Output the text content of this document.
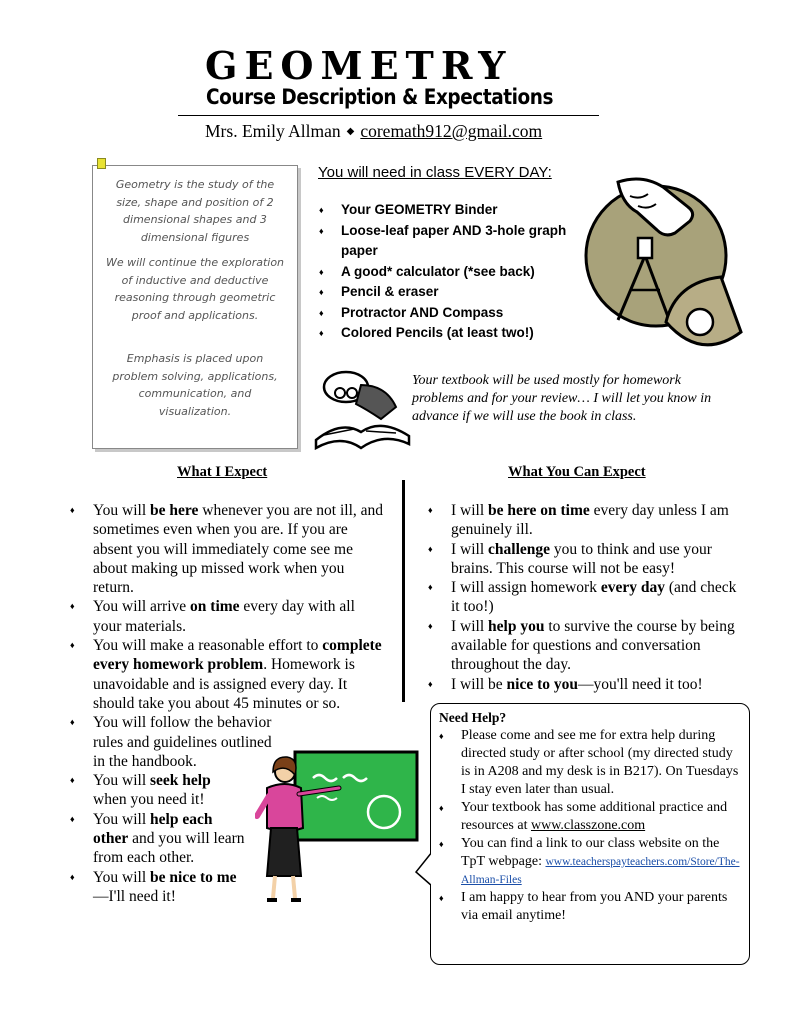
GEOMETRY
Course Description & Expectations
Mrs. Emily Allman ◆ coremath912@gmail.com
Geometry is the study of the size, shape and position of 2 dimensional shapes and 3 dimensional figures
We will continue the exploration of inductive and deductive reasoning through geometric proof and applications.
Emphasis is placed upon problem solving, applications, communication, and visualization.
You will need in class EVERY DAY:
♦ Your GEOMETRY Binder
♦ Loose-leaf paper AND 3-hole graph paper
♦ A good* calculator (*see back)
♦ Pencil & eraser
♦ Protractor AND Compass
♦ Colored Pencils (at least two!)
Your textbook will be used mostly for homework problems and for your review… I will let you know in advance if we will use the book in class.
What I Expect	What You Can Expect
♦ You will be here whenever you are not ill, and sometimes even when you are. If you are absent you will immediately come see me about making up missed work when you return.
♦ You will arrive on time every day with all your materials.
♦ You will make a reasonable effort to complete every homework problem. Homework is unavoidable and is assigned every day. It should take you about 45 minutes or so.
♦ You will follow the behavior rules and guidelines outlined in the handbook.
♦ You will seek help when you need it!
♦ You will help each other and you will learn from each other.
♦ You will be nice to me—I'll need it!
♦ I will be here on time every day unless I am genuinely ill.
♦ I will challenge you to think and use your brains. This course will not be easy!
♦ I will assign homework every day (and check it too!)
♦ I will help you to survive the course by being available for questions and conversation throughout the day.
♦ I will be nice to you—you'll need it too!
Need Help?
♦ Please come and see me for extra help during directed study or after school (my directed study is in A208 and my desk is in B217). On Tuesdays I stay even later than usual.
♦ Your textbook has some additional practice and resources at www.classzone.com
♦ You can find a link to our class website on the TpT webpage: www.teacherspayteachers.com/Store/The-Allman-Files
♦ I am happy to hear from you AND your parents via email anytime!
